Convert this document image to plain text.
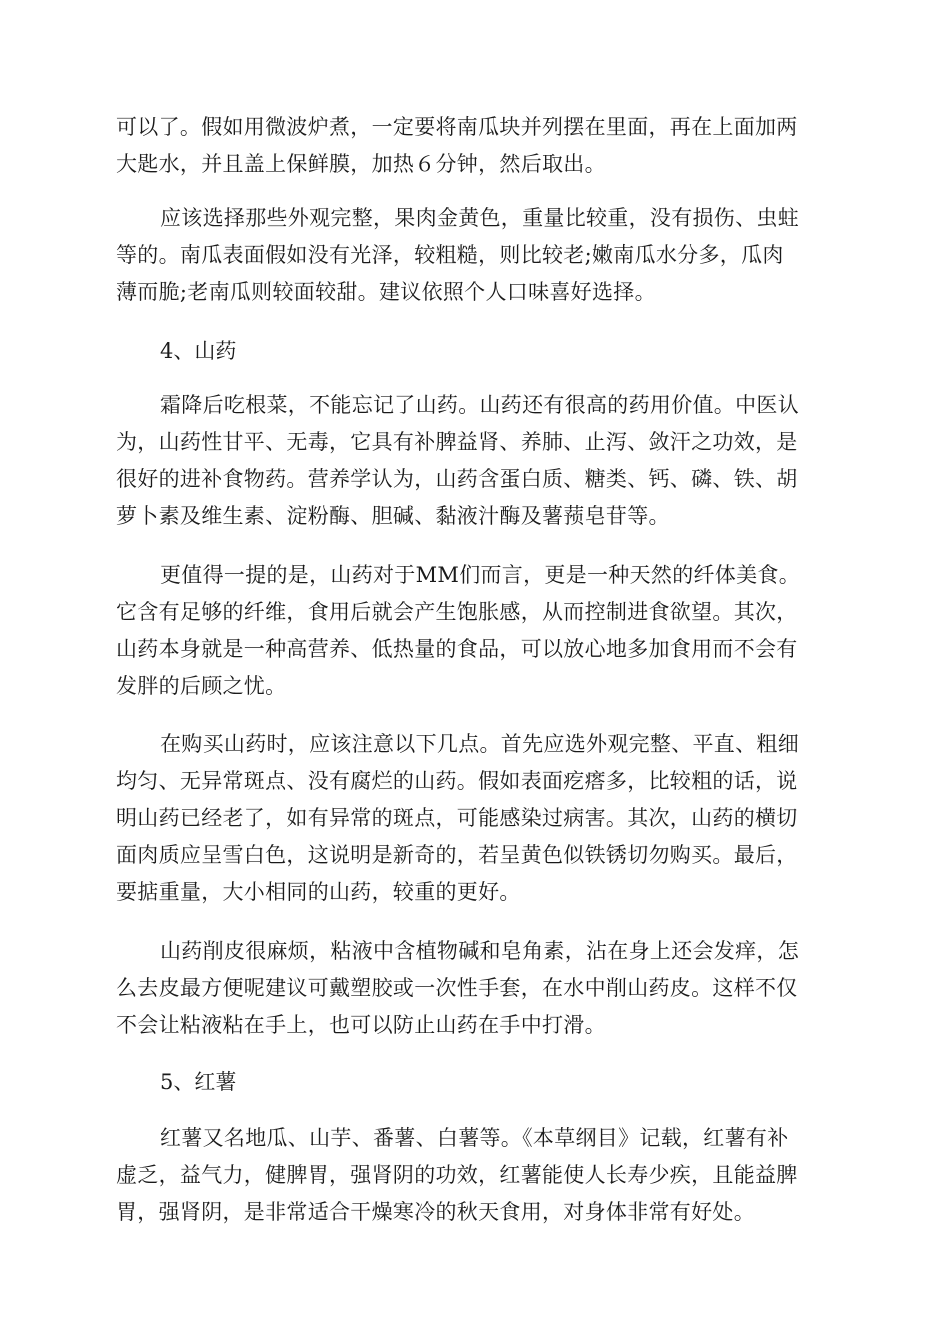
可以了。假如用微波炉煮，一定要将南瓜块并列摆在里面，再在上面加两
大匙水，并且盖上保鲜膜，加热６分钟，然后取出。
应该选择那些外观完整，果肉金黄色，重量比较重，没有损伤、虫蛀
等的。南瓜表面假如没有光泽，较粗糙，则比较老;嫩南瓜水分多，瓜肉
薄而脆;老南瓜则较面较甜。建议依照个人口味喜好选择。
4、山药
霜降后吃根菜，不能忘记了山药。山药还有很高的药用价值。中医认
为，山药性甘平、无毒，它具有补脾益肾、养肺、止泻、敛汗之功效，是
很好的进补食物药。营养学认为，山药含蛋白质、糖类、钙、磷、铁、胡
萝卜素及维生素、淀粉酶、胆碱、黏液汁酶及薯蓣皂苷等。
更值得一提的是，山药对于MM们而言，更是一种天然的纤体美食。
它含有足够的纤维，食用后就会产生饱胀感，从而控制进食欲望。其次，
山药本身就是一种高营养、低热量的食品，可以放心地多加食用而不会有
发胖的后顾之忧。
在购买山药时，应该注意以下几点。首先应选外观完整、平直、粗细
均匀、无异常斑点、没有腐烂的山药。假如表面疙瘩多，比较粗的话，说
明山药已经老了，如有异常的斑点，可能感染过病害。其次，山药的横切
面肉质应呈雪白色，这说明是新奇的，若呈黄色似铁锈切勿购买。最后，
要掂重量，大小相同的山药，较重的更好。
山药削皮很麻烦，粘液中含植物碱和皂角素，沾在身上还会发痒，怎
么去皮最方便呢建议可戴塑胶或一次性手套，在水中削山药皮。这样不仅
不会让粘液粘在手上，也可以防止山药在手中打滑。
5、红薯
红薯又名地瓜、山芋、番薯、白薯等。《本草纲目》记载，红薯有补
虚乏，益气力，健脾胃，强肾阴的功效，红薯能使人长寿少疾，且能益脾
胃，强肾阴，是非常适合干燥寒冷的秋天食用，对身体非常有好处。
